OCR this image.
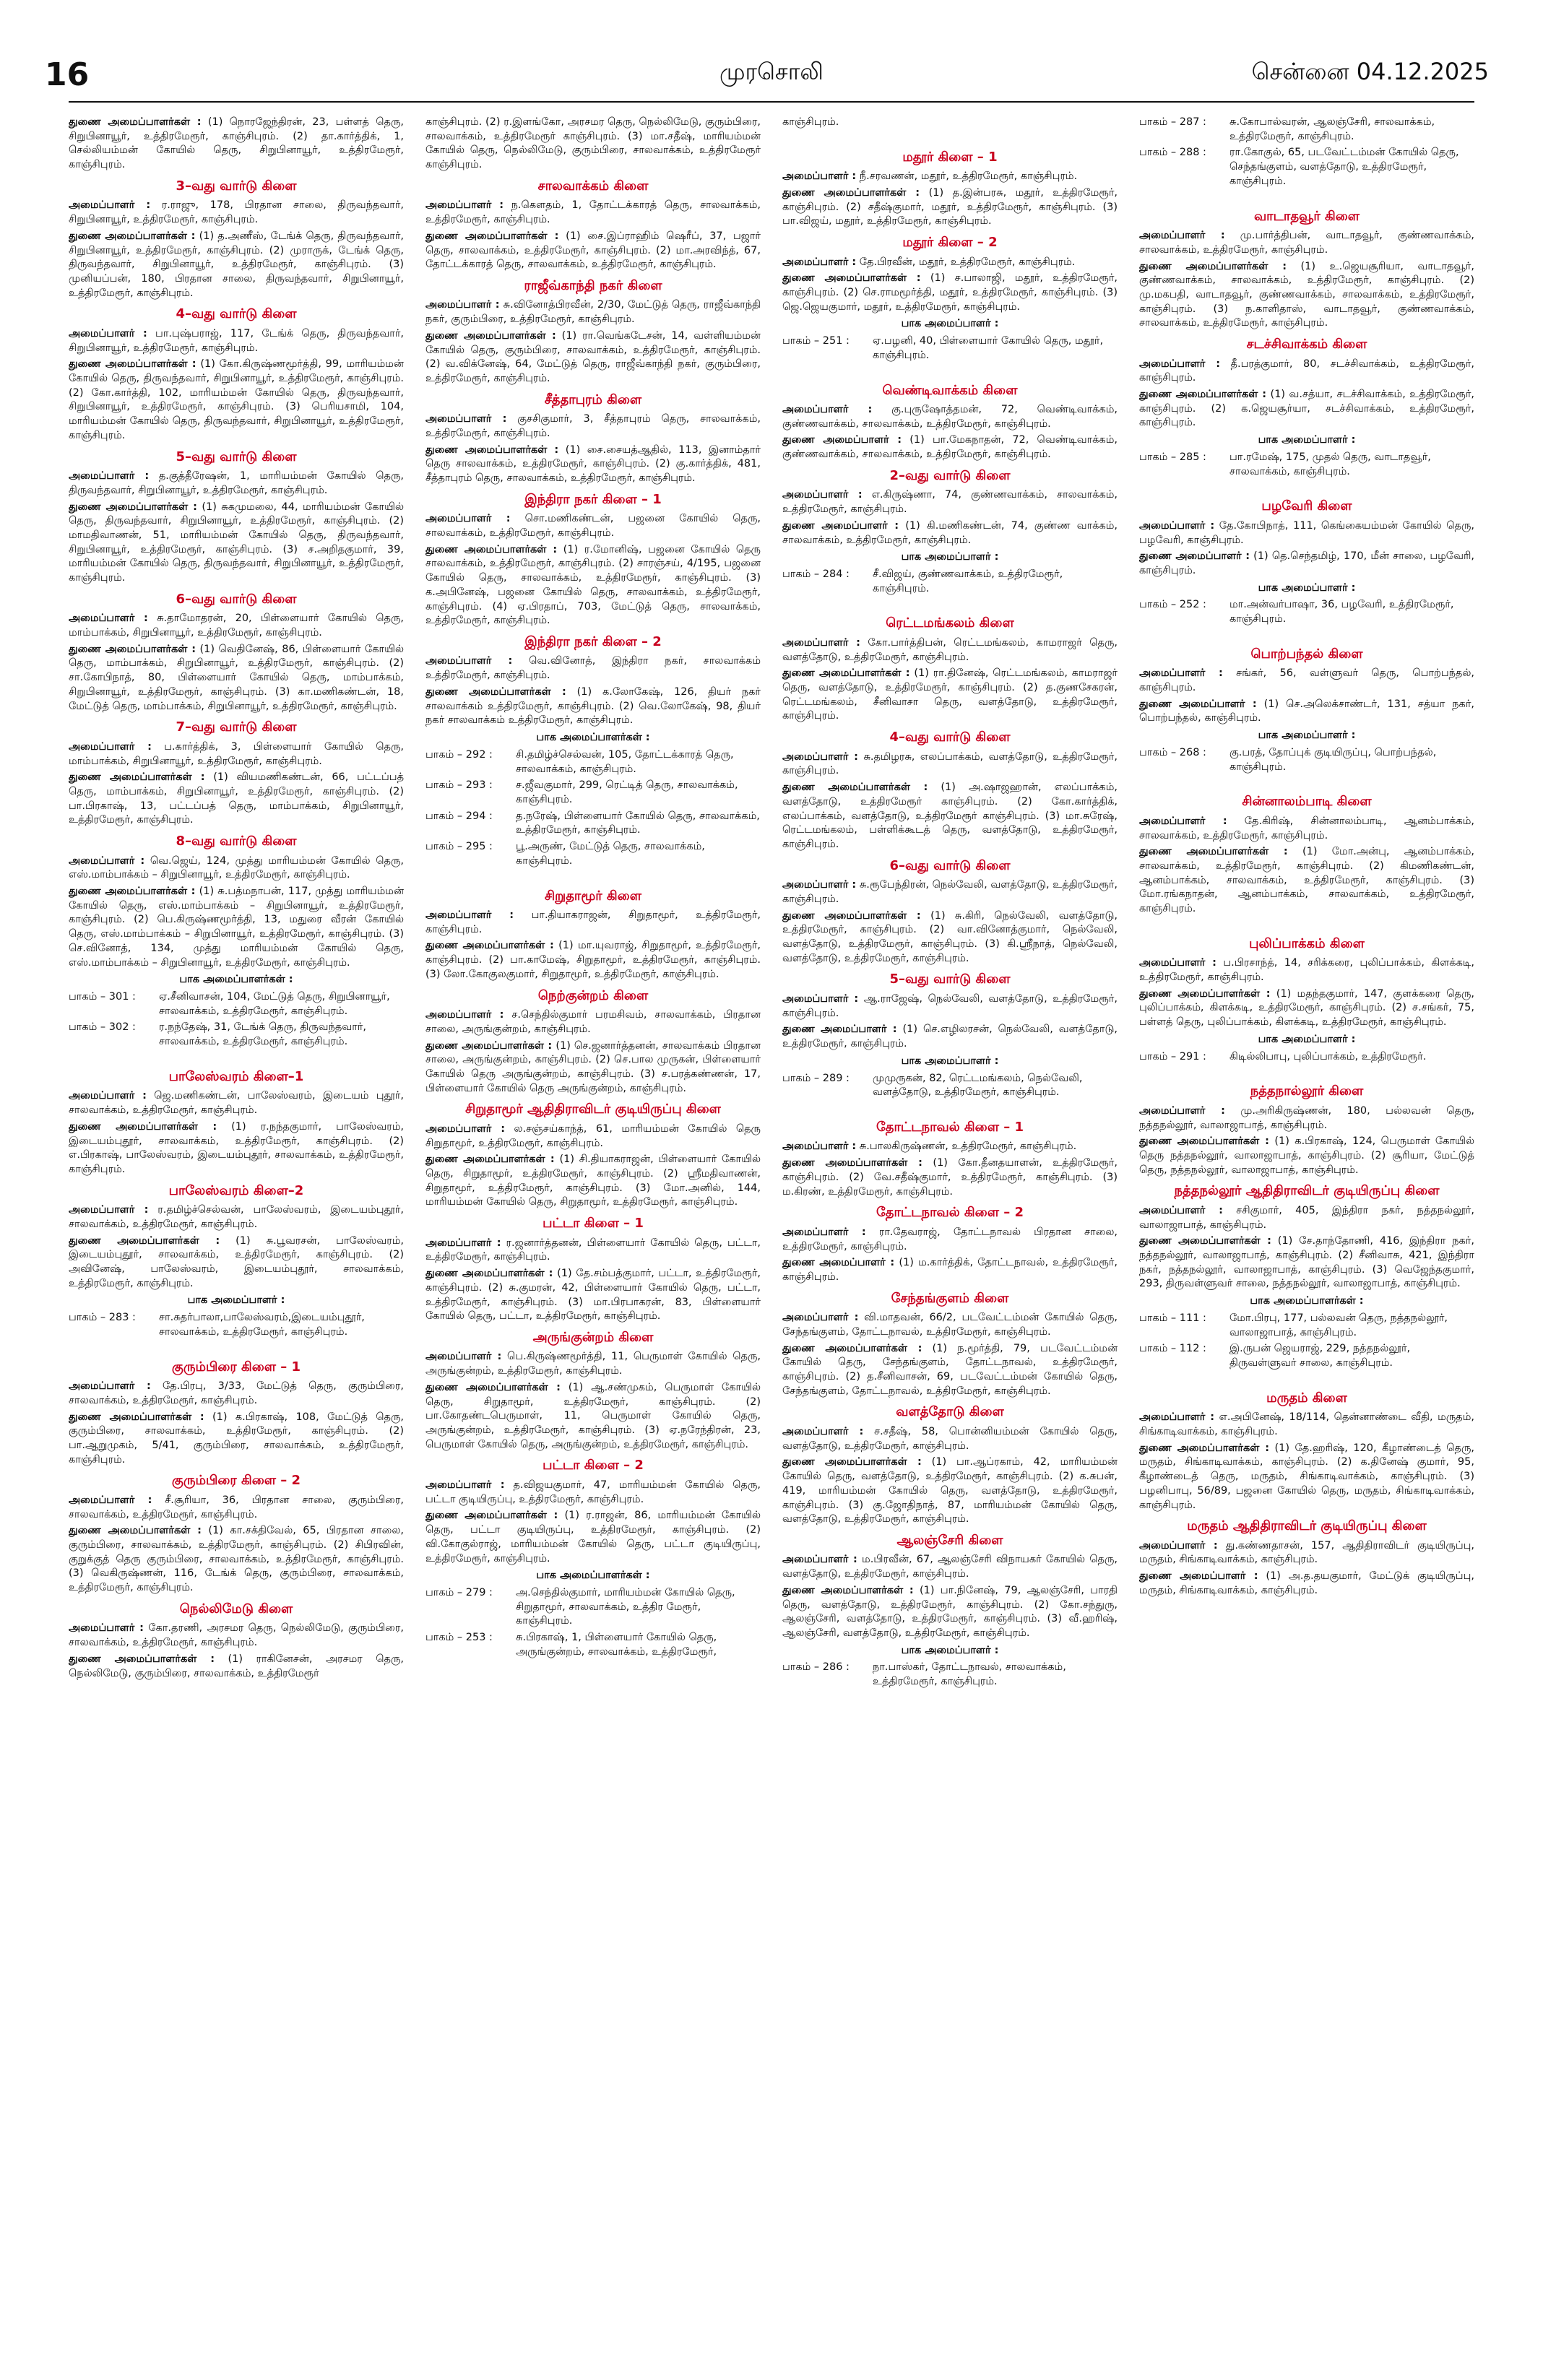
16	முரசொலி	சென்னை 04.12.2025
துணை அமைப்பாளர்கள் : (1) நொரஜேந்திரன், 23, பள்ளத் தெரு, சிறுபினாயூர், உத்திரமேரூர், காஞ்சிபுரம். (2) தா.கார்த்திக், 1, செல்லியம்மன் கோயில் தெரு, சிறுபினாயூர், உத்திரமேரூர், காஞ்சிபுரம்.
3–வது வார்டு கிளை
அமைப்பாளர் : ர.ராஜு, 178, பிரதான சாலை, திருவந்தவார், சிறுபினாயூர், உத்திரமேரூர், காஞ்சிபுரம்.
துணை அமைப்பாளர்கள் : (1) த.அணீஸ், டேங்க் தெரு, திருவந்தவார், சிறுபினாயூர், உத்திரமேரூர், காஞ்சிபுரம். (2) முராருக், டேங்க் தெரு, திருவந்தவார், சிறுபினாயூர், உத்திரமேரூர், காஞ்சிபுரம். (3) முனியப்பன், 180, பிரதான சாலை, திருவந்தவார், சிறுபினாயூர், உத்திரமேரூர், காஞ்சிபுரம்.
4–வது வார்டு கிளை
அமைப்பாளர் : பா.புஷ்பராஜ், 117, டேங்க் தெரு, திருவந்தவார், சிறுபினாயூர், உத்திரமேரூர், காஞ்சிபுரம்.
துணை அமைப்பாளர்கள் : (1) கோ.கிருஷ்ணமூர்த்தி, 99, மாரியம்மன் கோயில் தெரு, திருவந்தவார், சிறுபினாயூர், உத்திரமேரூர், காஞ்சிபுரம். (2) கோ.கார்த்தி, 102, மாரியம்மன் கோயில் தெரு, திருவந்தவார், சிறுபினாயூர், உத்திரமேரூர், காஞ்சிபுரம். (3) பெரியசாமி, 104, மாரியம்மன் கோயில் தெரு, திருவந்தவார், சிறுபினாயூர், உத்திரமேரூர், காஞ்சிபுரம்.
5–வது வார்டு கிளை
அமைப்பாளர் : த.குத்தீரேஷன், 1, மாரியம்மன் கோயில் தெரு, திருவந்தவார், சிறுபினாயூர், உத்திரமேரூர், காஞ்சிபுரம்.
துணை அமைப்பாளர்கள் : (1) சுகமுமலை, 44, மாரியம்மன் கோயில் தெரு, திருவந்தவார், சிறுபினாயூர், உத்திரமேரூர், காஞ்சிபுரம். (2) மாமதிவாணன், 51, மாரியம்மன் கோயில் தெரு, திருவந்தவார், சிறுபினாயூர், உத்திரமேரூர், காஞ்சிபுரம். (3) ச.அறிதகுமார், 39, மாரியம்மன் கோயில் தெரு, திருவந்தவார், சிறுபினாயூர், உத்திரமேரூர், காஞ்சிபுரம்.
6–வது வார்டு கிளை
அமைப்பாளர் : சு.தாமோதரன், 20, பிள்ளையார் கோயில் தெரு, மாம்பாக்கம், சிறுபினாயூர், உத்திரமேரூர், காஞ்சிபுரம்.
துணை அமைப்பாளர்கள் : (1) வெதினேஷ், 86, பிள்ளையார் கோயில் தெரு, மாம்பாக்கம், சிறுபினாயூர், உத்திரமேரூர், காஞ்சிபுரம். (2) சா.கோபிநாத், 80, பிள்ளையார் கோயில் தெரு, மாம்பாக்கம், சிறுபினாயூர், உத்திரமேரூர், காஞ்சிபுரம். (3) கா.மணிகண்டன், 18, மேட்டுத் தெரு, மாம்பாக்கம், சிறுபினாயூர், உத்திரமேரூர், காஞ்சிபுரம்.
7–வது வார்டு கிளை
அமைப்பாளர் : ப.கார்த்திக், 3, பிள்ளையார் கோயில் தெரு, மாம்பாக்கம், சிறுபினாயூர், உத்திரமேரூர், காஞ்சிபுரம்.
துணை அமைப்பாளர்கள் : (1) வியமணிகண்டன், 66, பட்டப்பத் தெரு, மாம்பாக்கம், சிறுபினாயூர், உத்திரமேரூர், காஞ்சிபுரம். (2) பா.பிரகாஷ், 13, பட்டப்பத் தெரு, மாம்பாக்கம், சிறுபினாயூர், உத்திரமேரூர், காஞ்சிபுரம்.
8–வது வார்டு கிளை
அமைப்பாளர் : வெ.ஜெய், 124, முத்து மாரியம்மன் கோயில் தெரு, எஸ்.மாம்பாக்கம் – சிறுபினாயூர், உத்திரமேரூர், காஞ்சிபுரம்.
துணை அமைப்பாளர்கள் : (1) சு.பத்மநாபன், 117, முத்து மாரியம்மன் கோயில் தெரு, எஸ்.மாம்பாக்கம் – சிறுபினாயூர், உத்திரமேரூர், காஞ்சிபுரம். (2) பெ.கிருஷ்ணமூர்த்தி, 13, மதுரை வீரன் கோயில் தெரு, எஸ்.மாம்பாக்கம் – சிறுபினாயூர், உத்திரமேரூர், காஞ்சிபுரம். (3) செ.வினோத், 134, முத்து மாரியம்மன் கோயில் தெரு, எஸ்.மாம்பாக்கம் – சிறுபினாயூர், உத்திரமேரூர், காஞ்சிபுரம்.
பாக அமைப்பாளர்கள் :
பாகம் – 301 :	ஏ.சீனிவாசன், 104, மேட்டுத் தெரு, சிறுபினாயூர், சாலவாக்கம், உத்திரமேரூர், காஞ்சிபுரம்.
பாகம் – 302 :	ர.நந்தேஷ், 31, டேங்க் தெரு, திருவந்தவார், சாலவாக்கம், உத்திரமேரூர், காஞ்சிபுரம்.
பாலேஸ்வரம் கிளை–1
அமைப்பாளர் : ஜெ.மணிகண்டன், பாலேஸ்வரம், இடையம் புதூர், சாலவாக்கம், உத்திரமேரூர், காஞ்சிபுரம்.
துணை அமைப்பாளர்கள் : (1) ர.நந்தகுமார், பாலேஸ்வரம், இடையம்புதூர், சாலவாக்கம், உத்திரமேரூர், காஞ்சிபுரம். (2) எ.பிரகாஷ், பாலேஸ்வரம், இடையம்புதூர், சாலவாக்கம், உத்திரமேரூர், காஞ்சிபுரம்.
பாலேஸ்வரம் கிளை–2
அமைப்பாளர் : ர.தமிழ்ச்செல்வன், பாலேஸ்வரம், இடையம்புதூர், சாலவாக்கம், உத்திரமேரூர், காஞ்சிபுரம்.
துணை அமைப்பாளர்கள் : (1) சு.பூவரசன், பாலேஸ்வரம், இடையம்புதூர், சாலவாக்கம், உத்திரமேரூர், காஞ்சிபுரம். (2) அவினேஷ், பாலேஸ்வரம், இடையம்புதூர், சாலவாக்கம், உத்திரமேரூர், காஞ்சிபுரம்.
பாக அமைப்பாளர் :
பாகம் – 283 :	சா.சுதர்பாலா,பாலேஸ்வரம்,இடையம்புதூர், சாலவாக்கம், உத்திரமேரூர், காஞ்சிபுரம்.
குரும்பிரை கிளை – 1
அமைப்பாளர் : தே.பிரபு, 3/33, மேட்டுத் தெரு, குரும்பிரை, சாலவாக்கம், உத்திரமேரூர், காஞ்சிபுரம்.
துணை அமைப்பாளர்கள் : (1) க.பிரகாஷ், 108, மேட்டுத் தெரு, குரும்பிரை, சாலவாக்கம், உத்திரமேரூர், காஞ்சிபுரம். (2) பா.ஆறுமுகம், 5/41, குரும்பிரை, சாலவாக்கம், உத்திரமேரூர், காஞ்சிபுரம்.
குரும்பிரை கிளை – 2
அமைப்பாளர் : சீ.சூரியா, 36, பிரதான சாலை, குரும்பிரை, சாலவாக்கம், உத்திரமேரூர், காஞ்சிபுரம்.
துணை அமைப்பாளர்கள் : (1) கா.சக்திவேல், 65, பிரதான சாலை, குரும்பிரை, சாலவாக்கம், உத்திரமேரூர், காஞ்சிபுரம். (2) சிபிரவின், குறுக்குத் தெரு குரும்பிரை, சாலவாக்கம், உத்திரமேரூர், காஞ்சிபுரம். (3) வெகிருஷ்ணன், 116, டேங்க் தெரு, குரும்பிரை, சாலவாக்கம், உத்திரமேரூர், காஞ்சிபுரம்.
நெல்லிமேடு கிளை
அமைப்பாளர் : கோ.தரணி, அரசமர தெரு, நெல்லிமேடு, குரும்பிரை, சாலவாக்கம், உத்திரமேரூர், காஞ்சிபுரம்.
துணை அமைப்பாளர்கள் : (1) ராகினேசன், அரசமர தெரு, நெல்லிமேடு, குரும்பிரை, சாலவாக்கம், உத்திரமேரூர்
காஞ்சிபுரம். (2) ர.இளங்கோ, அரசமர தெரு, நெல்லிமேடு, குரும்பிரை, சாலவாக்கம், உத்திரமேரூர் காஞ்சிபுரம். (3) மா.சதீஷ், மாரியம்மன் கோயில் தெரு, நெல்லிமேடு, குரும்பிரை, சாலவாக்கம், உத்திரமேரூர் காஞ்சிபுரம்.
சாலவாக்கம் கிளை
அமைப்பாளர் : ந.கௌதம், 1, தோட்டக்காரத் தெரு, சாலவாக்கம், உத்திரமேரூர், காஞ்சிபுரம்.
துணை அமைப்பாளர்கள் : (1) சை.இப்ராஹிம் ஷெரீப், 37, பஜார் தெரு, சாலவாக்கம், உத்திரமேரூர், காஞ்சிபுரம். (2) மா.அரவிந்த், 67, தோட்டக்காரத் தெரு, சாலவாக்கம், உத்திரமேரூர், காஞ்சிபுரம்.
ராஜீவ்காந்தி நகர் கிளை
அமைப்பாளர் : சு.வினோத்பிரவீன், 2/30, மேட்டுத் தெரு, ராஜீவ்காந்தி நகர், குரும்பிரை, உத்திரமேரூர், காஞ்சிபுரம்.
துணை அமைப்பாளர்கள் : (1) ரா.வெங்கடேசன், 14, வள்ளியம்மன் கோயில் தெரு, குரும்பிரை, சாலவாக்கம், உத்திரமேரூர், காஞ்சிபுரம். (2) வ.விக்னேஷ், 64, மேட்டுத் தெரு, ராஜீவ்காந்தி நகர், குரும்பிரை, உத்திரமேரூர், காஞ்சிபுரம்.
சீத்தாபுரம் கிளை
அமைப்பாளர் : குசசிகுமார், 3, சீத்தாபுரம் தெரு, சாலவாக்கம், உத்திரமேரூர், காஞ்சிபுரம்.
துணை அமைப்பாளர்கள் : (1) சை.சையத்ஆதில், 113, இனாம்தார் தெரு சாலவாக்கம், உத்திரமேரூர், காஞ்சிபுரம். (2) கு.கார்த்திக், 481, சீத்தாபுரம் தெரு, சாலவாக்கம், உத்திரமேரூர், காஞ்சிபுரம்.
இந்திரா நகர் கிளை – 1
அமைப்பாளர் : சொ.மணிகண்டன், பஜனை கோயில் தெரு, சாலவாக்கம், உத்திரமேரூர், காஞ்சிபுரம்.
துணை அமைப்பாளர்கள் : (1) ர.மோனிஷ், பஜனை கோயில் தெரு சாலவாக்கம், உத்திரமேரூர், காஞ்சிபுரம். (2) சாரஞ்சய், 4/195, பஜனை கோயில் தெரு, சாலவாக்கம், உத்திரமேரூர், காஞ்சிபுரம். (3) க.அபினேஷ், பஜனை கோயில் தெரு, சாலவாக்கம், உத்திரமேரூர், காஞ்சிபுரம். (4) ஏ.பிரதாப், 703, மேட்டுத் தெரு, சாலவாக்கம், உத்திரமேரூர், காஞ்சிபுரம்.
இந்திரா நகர் கிளை – 2
அமைப்பாளர் : வெ.வினோத், இந்திரா நகர், சாலவாக்கம் உத்திரமேரூர், காஞ்சிபுரம்.
துணை அமைப்பாளர்கள் : (1) க.லோகேஷ், 126, தியர் நகர் சாலவாக்கம் உத்திரமேரூர், காஞ்சிபுரம். (2) வெ.லோகேஷ், 98, தியர் நகர் சாலவாக்கம் உத்திரமேரூர், காஞ்சிபுரம்.
பாக அமைப்பாளர்கள் :
பாகம் – 292 :	சி.தமிழ்ச்செல்வன், 105, தோட்டக்காரத் தெரு, சாலவாக்கம், காஞ்சிபுரம்.
பாகம் – 293 :	ச.ஜீவகுமார், 299, ரெட்டித் தெரு, சாலவாக்கம், காஞ்சிபுரம்.
பாகம் – 294 :	த.நரேஷ், பிள்ளையார் கோயில் தெரு, சாலவாக்கம், உத்திரமேரூர், காஞ்சிபுரம்.
பாகம் – 295 :	பூ.அருண், மேட்டுத் தெரு, சாலவாக்கம், காஞ்சிபுரம்.
சிறுதாமூர் கிளை
அமைப்பாளர் : பா.தியாகராஜன், சிறுதாமூர், உத்திரமேரூர், காஞ்சிபுரம்.
துணை அமைப்பாளர்கள் : (1) மா.யுவராஜ், சிறுதாமூர், உத்திரமேரூர், காஞ்சிபுரம். (2) பா.காமேஷ், சிறுதாமூர், உத்திரமேரூர், காஞ்சிபுரம். (3) லோ.கோகுலகுமார், சிறுதாமூர், உத்திரமேரூர், காஞ்சிபுரம்.
நெற்குன்றம் கிளை
அமைப்பாளர் : ச.செந்தில்குமார் பரமசிவம், சாலவாக்கம், பிரதான சாலை, அருங்குன்றம், காஞ்சிபுரம்.
துணை அமைப்பாளர்கள் : (1) செ.ஜனார்த்தனன், சாலவாக்கம் பிரதான சாலை, அருங்குன்றம், காஞ்சிபுரம். (2) செ.பால முருகன், பிள்ளையார் கோயில் தெரு அருங்குன்றம், காஞ்சிபுரம். (3) ச.பரத்கண்ணன், 17, பிள்ளையார் கோயில் தெரு அருங்குன்றம், காஞ்சிபுரம்.
சிறுதாமூர் ஆதிதிராவிடர் குடியிருப்பு கிளை
அமைப்பாளர் : ல.சஞ்சய்காந்த், 61, மாரியம்மன் கோயில் தெரு சிறுதாமூர், உத்திரமேரூர், காஞ்சிபுரம்.
துணை அமைப்பாளர்கள் : (1) சி.தியாகராஜன், பிள்ளையார் கோயில் தெரு, சிறுதாமூர், உத்திரமேரூர், காஞ்சிபுரம். (2) ஸ்ரீமதிவாணன், சிறுதாமூர், உத்திரமேரூர், காஞ்சிபுரம். (3) மோ.அனில், 144, மாரியம்மன் கோயில் தெரு, சிறுதாமூர், உத்திரமேரூர், காஞ்சிபுரம்.
பட்டா கிளை – 1
அமைப்பாளர் : ர.ஜனார்த்தனன், பிள்ளையார் கோயில் தெரு, பட்டா, உத்திரமேரூர், காஞ்சிபுரம்.
துணை அமைப்பாளர்கள் : (1) தே.சம்பத்குமார், பட்டா, உத்திரமேரூர், காஞ்சிபுரம். (2) சு.குமரன், 42, பிள்ளையார் கோயில் தெரு, பட்டா, உத்திரமேரூர், காஞ்சிபுரம். (3) மா.பிரபாகரன், 83, பிள்ளையார் கோயில் தெரு, பட்டா, உத்திரமேரூர், காஞ்சிபுரம்.
அருங்குன்றம் கிளை
அமைப்பாளர் : பெ.கிருஷ்ணமூர்த்தி, 11, பெருமாள் கோயில் தெரு, அருங்குன்றம், உத்திரமேரூர், காஞ்சிபுரம்.
துணை அமைப்பாளர்கள் : (1) ஆ.சண்முகம், பெருமாள் கோயில் தெரு, சிறுதாமூர், உத்திரமேரூர், காஞ்சிபுரம். (2) பா.கோதண்டபெருமாள், 11, பெருமாள் கோயில் தெரு, அருங்குன்றம், உத்திரமேரூர், காஞ்சிபுரம். (3) ஏ.நரேந்திரன், 23, பெருமாள் கோயில் தெரு, அருங்குன்றம், உத்திரமேரூர், காஞ்சிபுரம்.
பட்டா கிளை – 2
அமைப்பாளர் : த.விஜயகுமார், 47, மாரியம்மன் கோயில் தெரு, பட்டா குடியிருப்பு, உத்திரமேரூர், காஞ்சிபுரம்.
துணை அமைப்பாளர்கள் : (1) ர.ராஜன், 86, மாரியம்மன் கோயில் தெரு, பட்டா குடியிருப்பு, உத்திரமேரூர், காஞ்சிபுரம். (2) வி.கோகுல்ராஜ், மாரியம்மன் கோயில் தெரு, பட்டா குடியிருப்பு, உத்திரமேரூர், காஞ்சிபுரம்.
பாக அமைப்பாளர்கள் :
பாகம் – 279 :	அ.செந்தில்குமார், மாரியம்மன் கோயில் தெரு, சிறுதாமூர், சாலவாக்கம், உத்திர மேரூர், காஞ்சிபுரம்.
பாகம் – 253 :	சு.பிரகாஷ், 1, பிள்ளையார் கோயில் தெரு, அருங்குன்றம், சாலவாக்கம், உத்திரமேரூர்,
காஞ்சிபுரம்.
மதூர் கிளை – 1
அமைப்பாளர் : நீ.சரவணன், மதூர், உத்திரமேரூர், காஞ்சிபுரம்.
துணை அமைப்பாளர்கள் : (1) த.இன்பரசு, மதூர், உத்திரமேரூர், காஞ்சிபுரம். (2) சதீஷ்குமார், மதூர், உத்திரமேரூர், காஞ்சிபுரம். (3) பா.விஜய், மதூர், உத்திரமேரூர், காஞ்சிபுரம்.
மதூர் கிளை – 2
அமைப்பாளர் : தே.பிரவீன், மதூர், உத்திரமேரூர், காஞ்சிபுரம்.
துணை அமைப்பாளர்கள் : (1) ச.பாலாஜி, மதூர், உத்திரமேரூர், காஞ்சிபுரம். (2) செ.ராமமூர்த்தி, மதூர், உத்திரமேரூர், காஞ்சிபுரம். (3) ஜெ.ஜெயகுமார், மதூர், உத்திரமேரூர், காஞ்சிபுரம்.
பாக அமைப்பாளர் :
பாகம் – 251 :	ஏ.பழனி, 40, பிள்ளையார் கோயில் தெரு, மதூர், காஞ்சிபுரம்.
வெண்டிவாக்கம் கிளை
அமைப்பாளர் : கு.புருஷோத்தமன், 72, வெண்டிவாக்கம், குண்ணவாக்கம், சாலவாக்கம், உத்திரமேரூர், காஞ்சிபுரம்.
துணை அமைப்பாளர் : (1) பா.மேகநாதன், 72, வெண்டிவாக்கம், குண்ணவாக்கம், சாலவாக்கம், உத்திரமேரூர், காஞ்சிபுரம்.
2–வது வார்டு கிளை
அமைப்பாளர் : எ.கிருஷ்ணா, 74, குண்ணவாக்கம், சாலவாக்கம், உத்திரமேரூர், காஞ்சிபுரம்.
துணை அமைப்பாளர் : (1) கி.மணிகண்டன், 74, குண்ண வாக்கம், சாலவாக்கம், உத்திரமேரூர், காஞ்சிபுரம்.
பாக அமைப்பாளர் :
பாகம் – 284 :	சீ.விஜய், குண்ணவாக்கம், உத்திரமேரூர், காஞ்சிபுரம்.
ரெட்டமங்கலம் கிளை
அமைப்பாளர் : கோ.பார்த்திபன், ரெட்டமங்கலம், காமராஜர் தெரு, வளத்தோடு, உத்திரமேரூர், காஞ்சிபுரம்.
துணை அமைப்பாளர்கள் : (1) ரா.தினேஷ், ரெட்டமங்கலம், காமராஜர் தெரு, வளத்தோடு, உத்திரமேரூர், காஞ்சிபுரம். (2) த.குணசேகரன், ரெட்டமங்கலம், சீனிவாசா தெரு, வளத்தோடு, உத்திரமேரூர், காஞ்சிபுரம்.
4–வது வார்டு கிளை
அமைப்பாளர் : சு.தமிழரசு, எலப்பாக்கம், வளத்தோடு, உத்திரமேரூர், காஞ்சிபுரம்.
துணை அமைப்பாளர்கள் : (1) அ.ஷாஜஹான், எலப்பாக்கம், வளத்தோடு, உத்திரமேரூர் காஞ்சிபுரம். (2) கோ.கார்த்திக், எலப்பாக்கம், வளத்தோடு, உத்திரமேரூர் காஞ்சிபுரம். (3) மா.சுரேஷ், ரெட்டமங்கலம், பள்ளிக்கூடத் தெரு, வளத்தோடு, உத்திரமேரூர், காஞ்சிபுரம்.
6–வது வார்டு கிளை
அமைப்பாளர் : சு.ரூபேந்திரன், நெல்வேலி, வளத்தோடு, உத்திரமேரூர், காஞ்சிபுரம்.
துணை அமைப்பாளர்கள் : (1) சு.கிரி, நெல்வேலி, வளத்தோடு, உத்திரமேரூர், காஞ்சிபுரம். (2) வா.வினோத்குமார், நெல்வேலி, வளத்தோடு, உத்திரமேரூர், காஞ்சிபுரம். (3) கி.ஸ்ரீநாத், நெல்வேலி, வளத்தோடு, உத்திரமேரூர், காஞ்சிபுரம்.
5–வது வார்டு கிளை
அமைப்பாளர் : ஆ.ராஜேஷ், நெல்வேலி, வளத்தோடு, உத்திரமேரூர், காஞ்சிபுரம்.
துணை அமைப்பாளர் : (1) செ.எழிலரசன், நெல்வேலி, வளத்தோடு, உத்திரமேரூர், காஞ்சிபுரம்.
பாக அமைப்பாளர் :
பாகம் – 289 :	முமுருகன், 82, ரெட்டமங்கலம், நெல்வேலி, வளத்தோடு, உத்திரமேரூர், காஞ்சிபுரம்.
தோட்டநாவல் கிளை – 1
அமைப்பாளர் : சு.பாலகிருஷ்ணன், உத்திரமேரூர், காஞ்சிபுரம்.
துணை அமைப்பாளர்கள் : (1) கோ.தீனதயாளன், உத்திரமேரூர், காஞ்சிபுரம். (2) வே.சதீஷ்குமார், உத்திரமேரூர், காஞ்சிபுரம். (3) ம.கிரண், உத்திரமேரூர், காஞ்சிபுரம்.
தோட்டநாவல் கிளை – 2
அமைப்பாளர் : ரா.தேவராஜ், தோட்டநாவல் பிரதான சாலை, உத்திரமேரூர், காஞ்சிபுரம்.
துணை அமைப்பாளர் : (1) ம.கார்த்திக், தோட்டநாவல், உத்திரமேரூர், காஞ்சிபுரம்.
சேந்தங்குளம் கிளை
அமைப்பாளர் : வி.மாதவன், 66/2, படவேட்டம்மன் கோயில் தெரு, சேந்தங்குளம், தோட்டநாவல், உத்திரமேரூர், காஞ்சிபுரம்.
துணை அமைப்பாளர்கள் : (1) ந.மூர்த்தி, 79, படவேட்டம்மன் கோயில் தெரு, சேந்தங்குளம், தோட்டநாவல், உத்திரமேரூர், காஞ்சிபுரம். (2) த.சீனிவாசன், 69, படவேட்டம்மன் கோயில் தெரு, சேந்தங்குளம், தோட்டநாவல், உத்திரமேரூர், காஞ்சிபுரம்.
வளத்தோடு கிளை
அமைப்பாளர் : ச.சதீஷ், 58, பொன்னியம்மன் கோயில் தெரு, வளத்தோடு, உத்திரமேரூர், காஞ்சிபுரம்.
துணை அமைப்பாளர்கள் : (1) பா.ஆப்ரகாம், 42, மாரியம்மன் கோயில் தெரு, வளத்தோடு, உத்திரமேரூர், காஞ்சிபுரம். (2) க.சுபன், 419, மாரியம்மன் கோயில் தெரு, வளத்தோடு, உத்திரமேரூர், காஞ்சிபுரம். (3) கு.ஜோதிநாத், 87, மாரியம்மன் கோயில் தெரு, வளத்தோடு, உத்திரமேரூர், காஞ்சிபுரம்.
ஆலஞ்சேரி கிளை
அமைப்பாளர் : ம.பிரவீன், 67, ஆலஞ்சேரி விநாயகர் கோயில் தெரு, வளத்தோடு, உத்திரமேரூர், காஞ்சிபுரம்.
துணை அமைப்பாளர்கள் : (1) பா.நினேஷ், 79, ஆலஞ்சேரி, பாரதி தெரு, வளத்தோடு, உத்திரமேரூர், காஞ்சிபுரம். (2) கோ.சந்துரு, ஆலஞ்சேரி, வளத்தோடு, உத்திரமேரூர், காஞ்சிபுரம். (3) வீ.ஹரிஷ், ஆலஞ்சேரி, வளத்தோடு, உத்திரமேரூர், காஞ்சிபுரம்.
பாக அமைப்பாளர் :
பாகம் – 286 :	நா.பாஸ்கர், தோட்டநாவல், சாலவாக்கம், உத்திரமேரூர், காஞ்சிபுரம்.
பாகம் – 287 :	சு.கோபால்வரன், ஆலஞ்சேரி, சாலவாக்கம், உத்திரமேரூர், காஞ்சிபுரம்.
பாகம் – 288 :	ரா.கோகுல், 65, படவேட்டம்மன் கோயில் தெரு, செந்தங்குளம், வளத்தோடு, உத்திரமேரூர், காஞ்சிபுரம்.
வாடாதவூர் கிளை
அமைப்பாளர் : மு.பார்த்திபன், வாடாதவூர், குண்ணவாக்கம், சாலவாக்கம், உத்திரமேரூர், காஞ்சிபுரம்.
துணை அமைப்பாளர்கள் : (1) உ.ஜெயசூரியா, வாடாதவூர், குண்ணவாக்கம், சாலவாக்கம், உத்திரமேரூர், காஞ்சிபுரம். (2) மு.மகபதி, வாடாதவூர், குண்ணவாக்கம், சாலவாக்கம், உத்திரமேரூர், காஞ்சிபுரம். (3) ந.காளிதாஸ், வாடாதவூர், குண்ணவாக்கம், சாலவாக்கம், உத்திரமேரூர், காஞ்சிபுரம்.
சடச்சிவாக்கம் கிளை
அமைப்பாளர் : தீ.பரத்குமார், 80, சடச்சிவாக்கம், உத்திரமேரூர், காஞ்சிபுரம்.
துணை அமைப்பாளர்கள் : (1) வ.சத்யா, சடச்சிவாக்கம், உத்திரமேரூர், காஞ்சிபுரம். (2) க.ஜெயசூர்யா, சடச்சிவாக்கம், உத்திரமேரூர், காஞ்சிபுரம்.
பாக அமைப்பாளர் :
பாகம் – 285 :	பா.ரமேஷ், 175, முதல் தெரு, வாடாதவூர், சாலவாக்கம், காஞ்சிபுரம்.
பழவேரி கிளை
அமைப்பாளர் : தே.கோபிநாத், 111, கெங்கையம்மன் கோயில் தெரு, பழவேரி, காஞ்சிபுரம்.
துணை அமைப்பாளர் : (1) தெ.செந்தமிழ், 170, மீன் சாலை, பழவேரி, காஞ்சிபுரம்.
பாக அமைப்பாளர் :
பாகம் – 252 :	மா.அன்வர்பாஷா, 36, பழவேரி, உத்திரமேரூர், காஞ்சிபுரம்.
பொற்பந்தல் கிளை
அமைப்பாளர் : சங்கர், 56, வள்ளுவர் தெரு, பொற்பந்தல், காஞ்சிபுரம்.
துணை அமைப்பாளர் : (1) செ.அலெக்சாண்டர், 131, சத்யா நகர், பொற்பந்தல், காஞ்சிபுரம்.
பாக அமைப்பாளர் :
பாகம் – 268 :	கு.பரத், தோப்புக் குடியிருப்பு, பொற்பந்தல், காஞ்சிபுரம்.
சின்னாலம்பாடி கிளை
அமைப்பாளர் : தே.கிரிஷ், சின்னாலம்பாடி, ஆனம்பாக்கம், சாலவாக்கம், உத்திரமேரூர், காஞ்சிபுரம்.
துணை அமைப்பாளர்கள் : (1) மோ.அன்பு, ஆனம்பாக்கம், சாலவாக்கம், உத்திரமேரூர், காஞ்சிபுரம். (2) கிமணிகண்டன், ஆனம்பாக்கம், சாலவாக்கம், உத்திரமேரூர், காஞ்சிபுரம். (3) மோ.ரங்கநாதன், ஆனம்பாக்கம், சாலவாக்கம், உத்திரமேரூர், காஞ்சிபுரம்.
புலிப்பாக்கம் கிளை
அமைப்பாளர் : ப.பிரசாந்த், 14, சரிக்கரை, புலிப்பாக்கம், கிளக்கடி, உத்திரமேரூர், காஞ்சிபுரம்.
துணை அமைப்பாளர்கள் : (1) மதந்தகுமார், 147, குளக்கரை தெரு, புலிப்பாக்கம், கிளக்கடி, உத்திரமேரூர், காஞ்சிபுரம். (2) ச.சங்கர், 75, பள்ளத் தெரு, புலிப்பாக்கம், கிளக்கடி, உத்திரமேரூர், காஞ்சிபுரம்.
பாக அமைப்பாளர் :
பாகம் – 291 :	கிடில்லிபாபு, புலிப்பாக்கம், உத்திரமேரூர்.
நத்தநால்லூர் கிளை
அமைப்பாளர் : மு.அரிகிருஷ்ணன், 180, பல்லவன் தெரு, நத்தநல்லூர், வாலாஜாபாத், காஞ்சிபுரம்.
துணை அமைப்பாளர்கள் : (1) க.பிரகாஷ், 124, பெருமாள் கோயில் தெரு நத்தநல்லூர், வாலாஜாபாத், காஞ்சிபுரம். (2) சூரியா, மேட்டுத் தெரு, நத்தநல்லூர், வாலாஜாபாத், காஞ்சிபுரம்.
நத்தநல்லூர் ஆதிதிராவிடர் குடியிருப்பு கிளை
அமைப்பாளர் : சசிகுமார், 405, இந்திரா நகர், நத்தநல்லூர், வாலாஜாபாத், காஞ்சிபுரம்.
துணை அமைப்பாளர்கள் : (1) சே.தாந்தோணி, 416, இந்திரா நகர், நத்தநல்லூர், வாலாஜாபாத், காஞ்சிபுரம். (2) சீனிவாசு, 421, இந்திரா நகர், நத்தநல்லூர், வாலாஜாபாத், காஞ்சிபுரம். (3) வெஜேந்தகுமார், 293, திருவள்ளுவர் சாலை, நத்தநல்லூர், வாலாஜாபாத், காஞ்சிபுரம்.
பாக அமைப்பாளர்கள் :
பாகம் – 111 :	மோ.பிரபு, 177, பல்லவன் தெரு, நத்தநல்லூர், வாலாஜாபாத், காஞ்சிபுரம்.
பாகம் – 112 :	இ.ருபன் ஜெயராஜ், 229, நத்தநல்லூர், திருவள்ளுவர் சாலை, காஞ்சிபுரம்.
மருதம் கிளை
அமைப்பாளர் : எ.அபினேஷ், 18/114, தென்னாண்டை வீதி, மருதம், சிங்காடிவாக்கம், காஞ்சிபுரம்.
துணை அமைப்பாளர்கள் : (1) தே.ஹரிஷ், 120, கீழாண்டைத் தெரு, மருதம், சிங்காடிவாக்கம், காஞ்சிபுரம். (2) க.தினேஷ் குமார், 95, கீழாண்டைத் தெரு, மருதம், சிங்காடிவாக்கம், காஞ்சிபுரம். (3) பழனிபாபு, 56/89, பஜனை கோயில் தெரு, மருதம், சிங்காடிவாக்கம், காஞ்சிபுரம்.
மருதம் ஆதிதிராவிடர் குடியிருப்பு கிளை
அமைப்பாளர் : து.கண்ணதாசன், 157, ஆதிதிராவிடர் குடியிருப்பு, மருதம், சிங்காடிவாக்கம், காஞ்சிபுரம்.
துணை அமைப்பாளர் : (1) அ.த.தயகுமார், மேட்டுக் குடியிருப்பு, மருதம், சிங்காடிவாக்கம், காஞ்சிபுரம்.
